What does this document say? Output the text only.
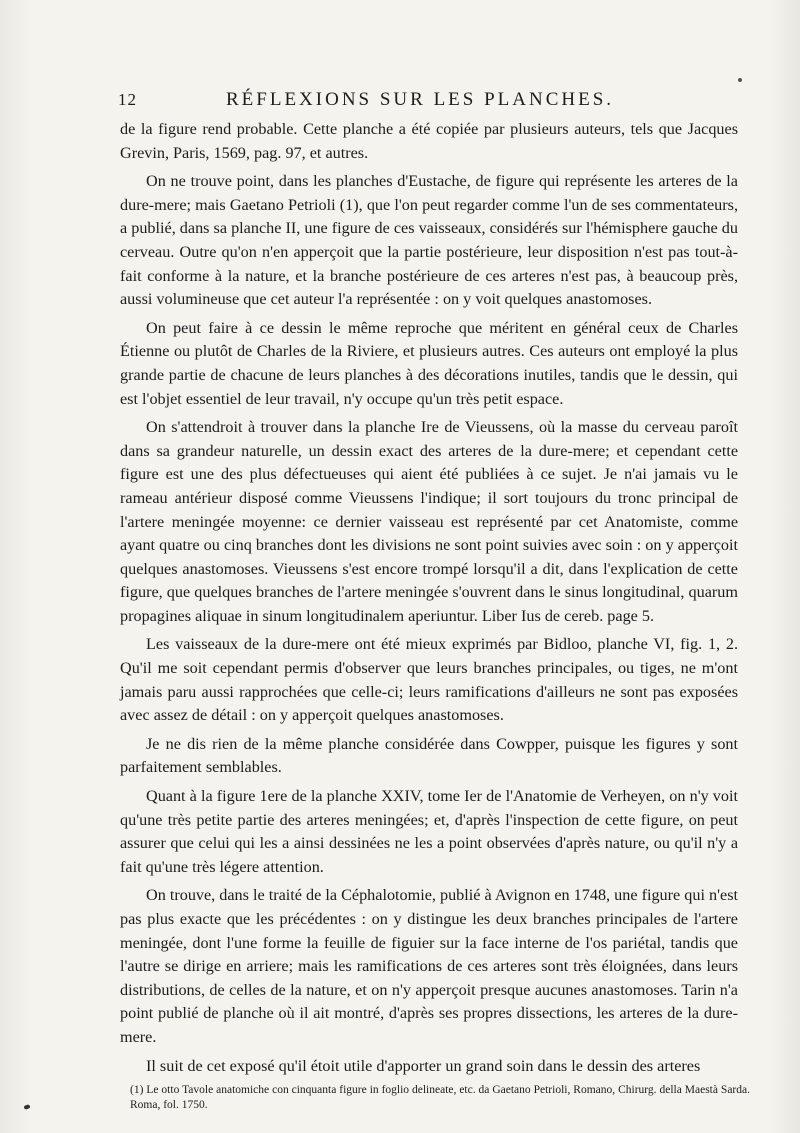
12	RÉFLEXIONS SUR LES PLANCHES.

de la figure rend probable. Cette planche a été copiée par plusieurs auteurs, tels que Jacques Grevin, Paris, 1569, pag. 97, et autres.

On ne trouve point, dans les planches d'Eustache, de figure qui représente les arteres de la dure-mere; mais Gaetano Petrioli (1), que l'on peut regarder comme l'un de ses commentateurs, a publié, dans sa planche II, une figure de ces vaisseaux, considérés sur l'hémisphere gauche du cerveau. Outre qu'on n'en apperçoit que la partie postérieure, leur disposition n'est pas tout-à-fait conforme à la nature, et la branche postérieure de ces arteres n'est pas, à beaucoup près, aussi volumineuse que cet auteur l'a représentée : on y voit quelques anastomoses.

On peut faire à ce dessin le même reproche que méritent en général ceux de Charles Étienne ou plutôt de Charles de la Riviere, et plusieurs autres. Ces auteurs ont employé la plus grande partie de chacune de leurs planches à des décorations inutiles, tandis que le dessin, qui est l'objet essentiel de leur travail, n'y occupe qu'un très petit espace.

On s'attendroit à trouver dans la planche Ire de Vieussens, où la masse du cerveau paroît dans sa grandeur naturelle, un dessin exact des arteres de la dure-mere; et cependant cette figure est une des plus défectueuses qui aient été publiées à ce sujet. Je n'ai jamais vu le rameau antérieur disposé comme Vieussens l'indique; il sort toujours du tronc principal de l'artere meningée moyenne: ce dernier vaisseau est représenté par cet Anatomiste, comme ayant quatre ou cinq branches dont les divisions ne sont point suivies avec soin : on y apperçoit quelques anastomoses. Vieussens s'est encore trompé lorsqu'il a dit, dans l'explication de cette figure, que quelques branches de l'artere meningée s'ouvrent dans le sinus longitudinal, quarum propagines aliquae in sinum longitudinalem aperiuntur. Liber Ius de cereb. page 5.

Les vaisseaux de la dure-mere ont été mieux exprimés par Bidloo, planche VI, fig. 1, 2. Qu'il me soit cependant permis d'observer que leurs branches principales, ou tiges, ne m'ont jamais paru aussi rapprochées que celle-ci; leurs ramifications d'ailleurs ne sont pas exposées avec assez de détail : on y apperçoit quelques anastomoses.

Je ne dis rien de la même planche considérée dans Cowpper, puisque les figures y sont parfaitement semblables.

Quant à la figure 1ere de la planche XXIV, tome Ier de l'Anatomie de Verheyen, on n'y voit qu'une très petite partie des arteres meningées; et, d'après l'inspection de cette figure, on peut assurer que celui qui les a ainsi dessinées ne les a point observées d'après nature, ou qu'il n'y a fait qu'une très légere attention.

On trouve, dans le traité de la Céphalotomie, publié à Avignon en 1748, une figure qui n'est pas plus exacte que les précédentes : on y distingue les deux branches principales de l'artere meningée, dont l'une forme la feuille de figuier sur la face interne de l'os pariétal, tandis que l'autre se dirige en arriere; mais les ramifications de ces arteres sont très éloignées, dans leurs distributions, de celles de la nature, et on n'y apperçoit presque aucunes anastomoses. Tarin n'a point publié de planche où il ait montré, d'après ses propres dissections, les arteres de la dure-mere.

Il suit de cet exposé qu'il étoit utile d'apporter un grand soin dans le dessin des arteres

(1) Le otto Tavole anatomiche con cinquanta figure in foglio delineate, etc. da Gaetano Petrioli, Romano, Chirurg. della Maestà Sarda. Roma, fol. 1750.
